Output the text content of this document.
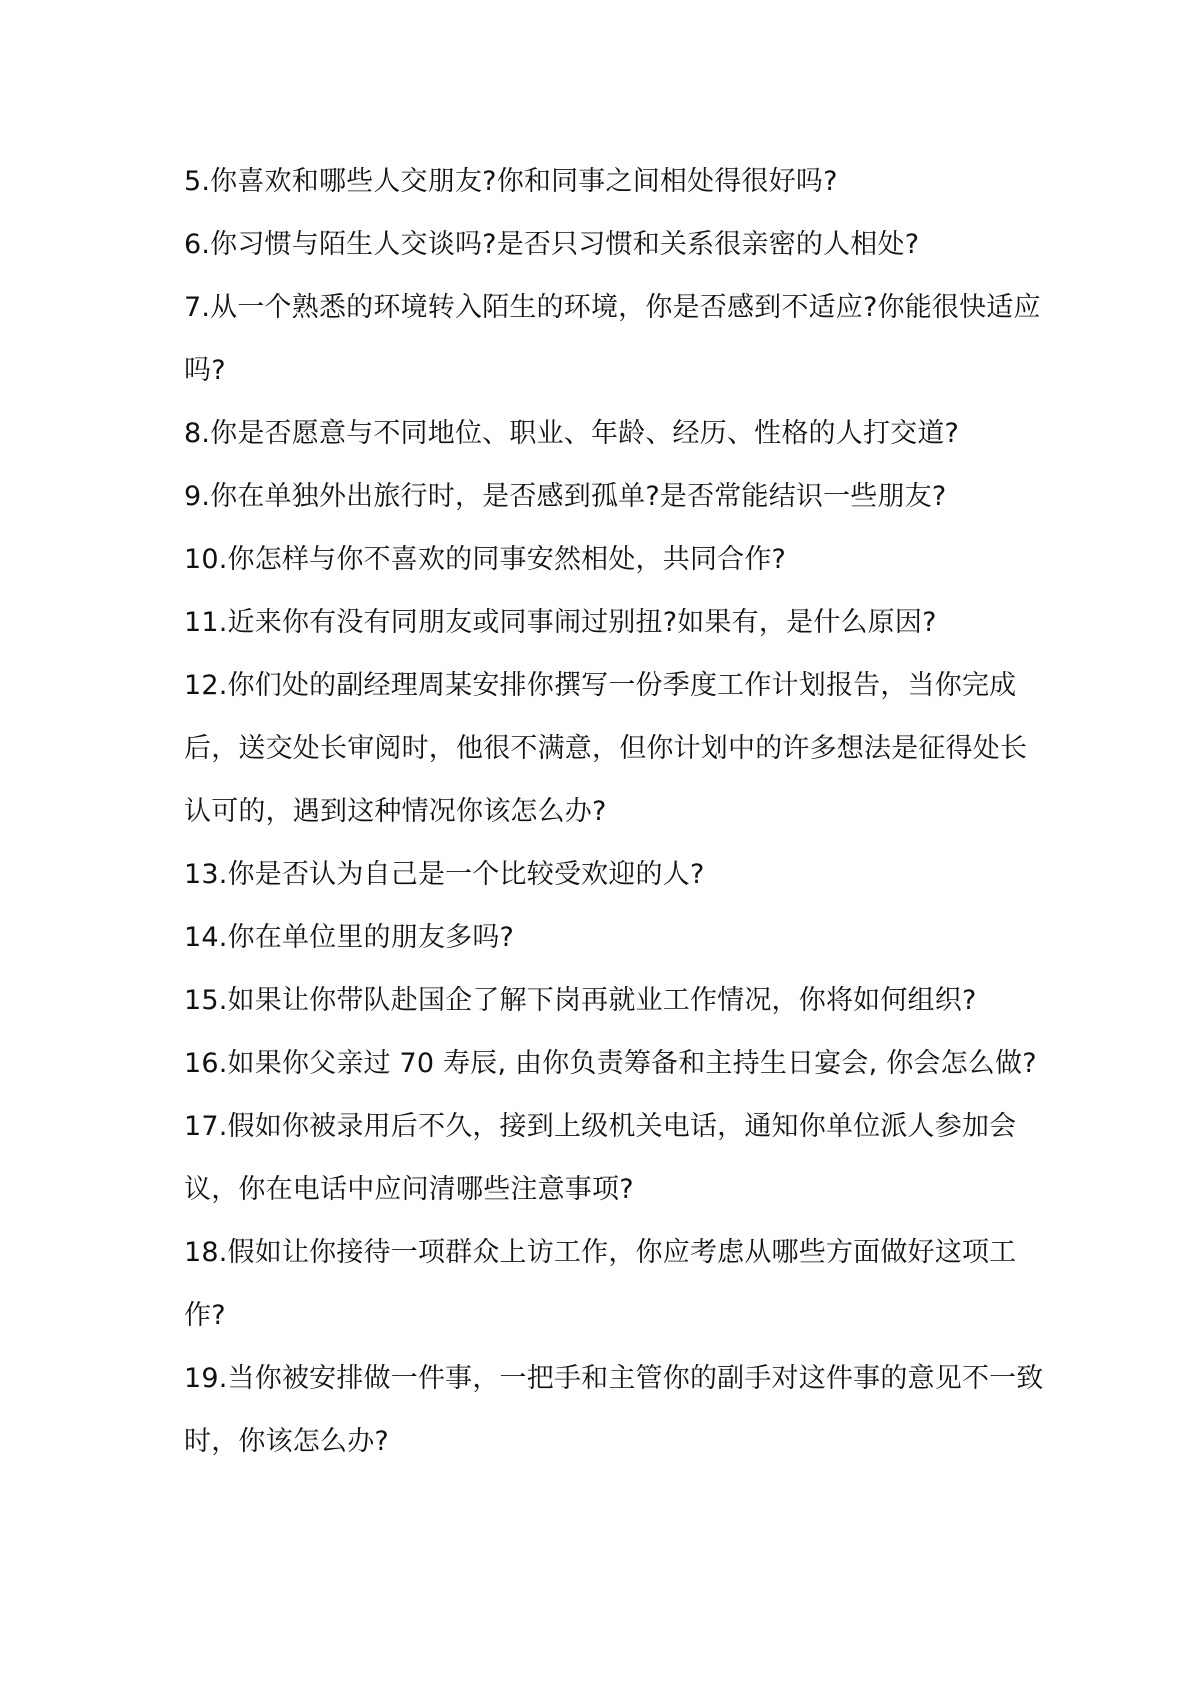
5.你喜欢和哪些人交朋友?你和同事之间相处得很好吗?

6.你习惯与陌生人交谈吗?是否只习惯和关系很亲密的人相处?

7.从一个熟悉的环境转入陌生的环境，你是否感到不适应?你能很快适应吗?

8.你是否愿意与不同地位、职业、年龄、经历、性格的人打交道?

9.你在单独外出旅行时，是否感到孤单?是否常能结识一些朋友?

10.你怎样与你不喜欢的同事安然相处，共同合作?

11.近来你有没有同朋友或同事闹过别扭?如果有，是什么原因?

12.你们处的副经理周某安排你撰写一份季度工作计划报告，当你完成后，送交处长审阅时，他很不满意，但你计划中的许多想法是征得处长认可的，遇到这种情况你该怎么办?

13.你是否认为自己是一个比较受欢迎的人?

14.你在单位里的朋友多吗?

15.如果让你带队赴国企了解下岗再就业工作情况，你将如何组织?

16.如果你父亲过 70 寿辰, 由你负责筹备和主持生日宴会, 你会怎么做?

17.假如你被录用后不久，接到上级机关电话，通知你单位派人参加会议，你在电话中应问清哪些注意事项?

18.假如让你接待一项群众上访工作，你应考虑从哪些方面做好这项工作?

19.当你被安排做一件事，一把手和主管你的副手对这件事的意见不一致时，你该怎么办?
